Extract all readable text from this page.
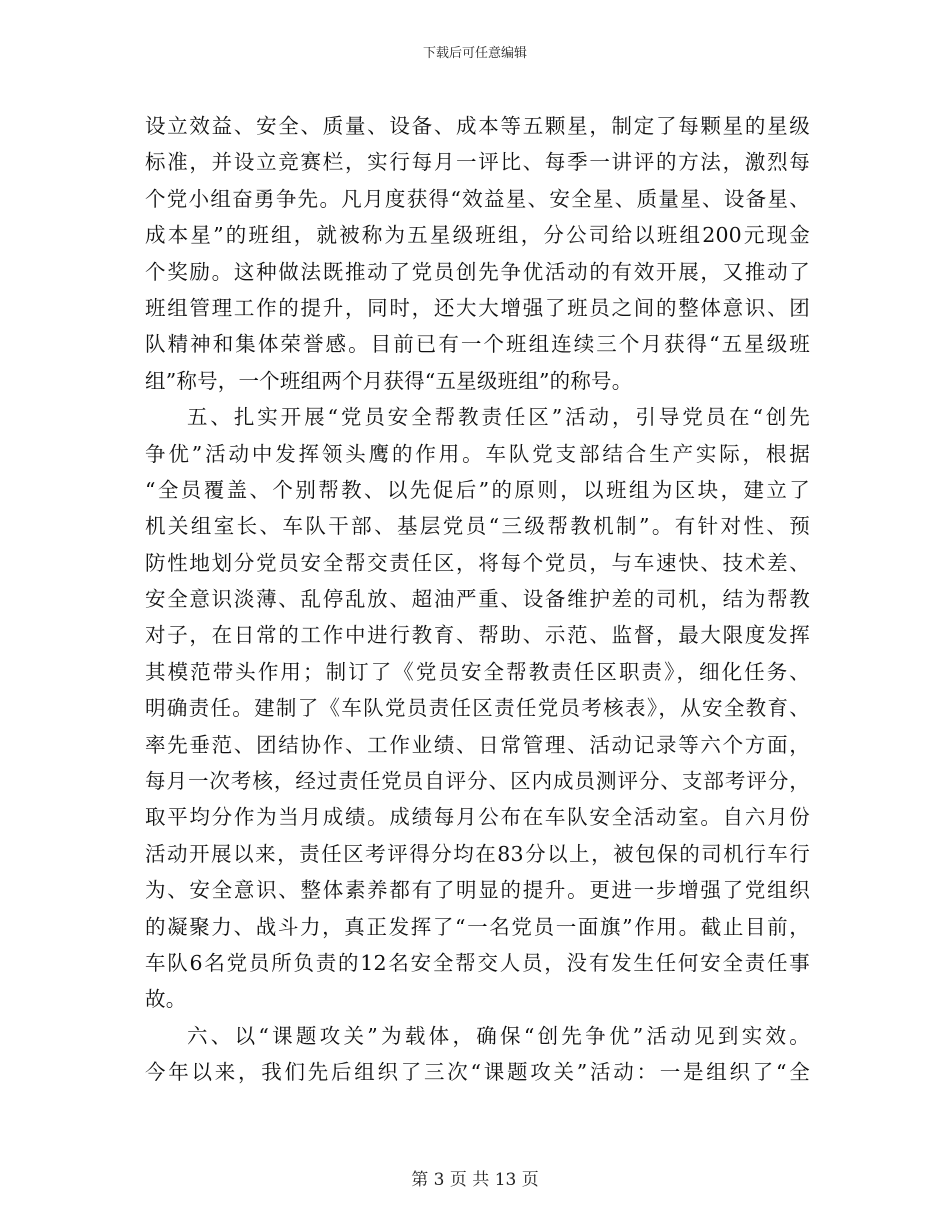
下载后可任意编辑
设立效益、安全、质量、设备、成本等五颗星，制定了每颗星的星级
标准，并设立竞赛栏，实行每月一评比、每季一讲评的方法，激烈每
个党小组奋勇争先。凡月度获得“效益星、安全星、质量星、设备星、
成本星”的班组，就被称为五星级班组，分公司给以班组200元现金
个奖励。这种做法既推动了党员创先争优活动的有效开展，又推动了
班组管理工作的提升，同时，还大大增强了班员之间的整体意识、团
队精神和集体荣誉感。目前已有一个班组连续三个月获得“五星级班
组”称号，一个班组两个月获得“五星级班组”的称号。
五、扎实开展“党员安全帮教责任区”活动，引导党员在“创先
争优”活动中发挥领头鹰的作用。车队党支部结合生产实际，根据
“全员覆盖、个别帮教、以先促后”的原则，以班组为区块，建立了
机关组室长、车队干部、基层党员“三级帮教机制”。有针对性、预
防性地划分党员安全帮交责任区，将每个党员，与车速快、技术差、
安全意识淡薄、乱停乱放、超油严重、设备维护差的司机，结为帮教
对子，在日常的工作中进行教育、帮助、示范、监督，最大限度发挥
其模范带头作用；制订了《党员安全帮教责任区职责》，细化任务、
明确责任。建制了《车队党员责任区责任党员考核表》，从安全教育、
率先垂范、团结协作、工作业绩、日常管理、活动记录等六个方面，
每月一次考核，经过责任党员自评分、区内成员测评分、支部考评分，
取平均分作为当月成绩。成绩每月公布在车队安全活动室。自六月份
活动开展以来，责任区考评得分均在83分以上，被包保的司机行车行
为、安全意识、整体素养都有了明显的提升。更进一步增强了党组织
的凝聚力、战斗力，真正发挥了“一名党员一面旗”作用。截止目前，
车队6名党员所负责的12名安全帮交人员，没有发生任何安全责任事
故。
六、以“课题攻关”为载体，确保“创先争优”活动见到实效。
今年以来，我们先后组织了三次“课题攻关”活动：一是组织了“全
第 3 页 共 13 页
